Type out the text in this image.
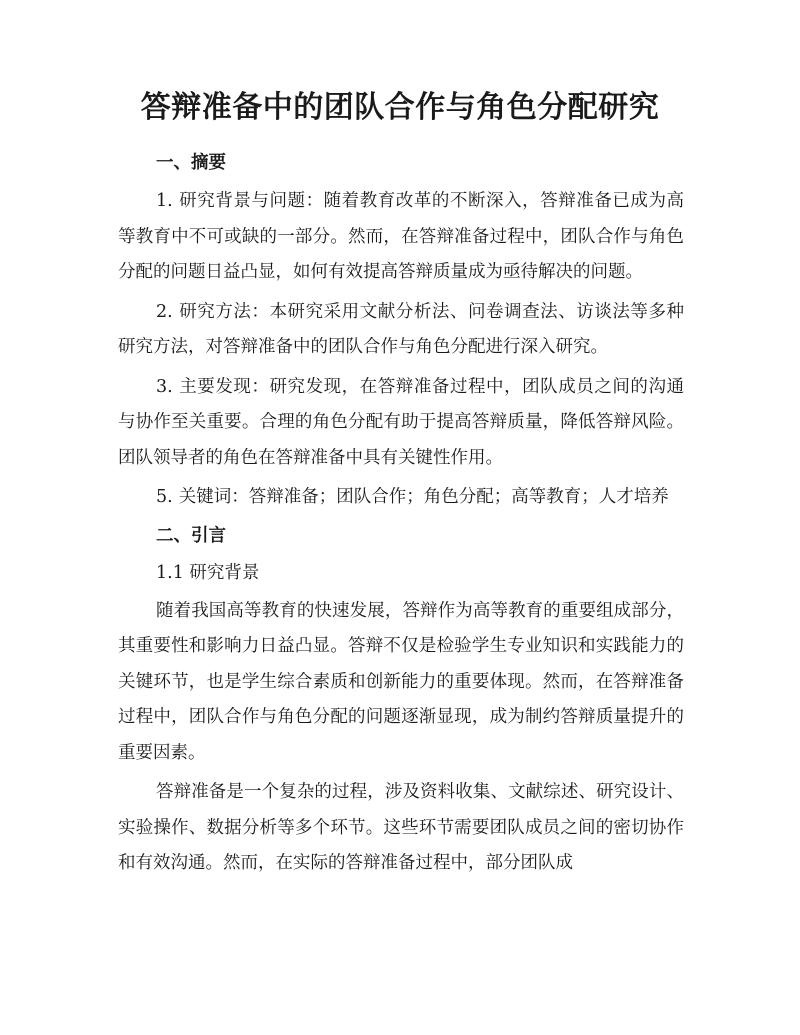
答辩准备中的团队合作与角色分配研究
一、摘要

1. 研究背景与问题：随着教育改革的不断深入，答辩准备已成为高等教育中不可或缺的一部分。然而，在答辩准备过程中，团队合作与角色分配的问题日益凸显，如何有效提高答辩质量成为亟待解决的问题。

2. 研究方法：本研究采用文献分析法、问卷调查法、访谈法等多种研究方法，对答辩准备中的团队合作与角色分配进行深入研究。

3. 主要发现：研究发现，在答辩准备过程中，团队成员之间的沟通与协作至关重要。合理的角色分配有助于提高答辩质量，降低答辩风险。团队领导者的角色在答辩准备中具有关键性作用。

5. 关键词：答辩准备；团队合作；角色分配；高等教育；人才培养

二、引言
1.1 研究背景

随着我国高等教育的快速发展，答辩作为高等教育的重要组成部分，其重要性和影响力日益凸显。答辩不仅是检验学生专业知识和实践能力的关键环节，也是学生综合素质和创新能力的重要体现。然而，在答辩准备过程中，团队合作与角色分配的问题逐渐显现，成为制约答辩质量提升的重要因素。

答辩准备是一个复杂的过程，涉及资料收集、文献综述、研究设计、实验操作、数据分析等多个环节。这些环节需要团队成员之间的密切协作和有效沟通。然而，在实际的答辩准备过程中，部分团队成
